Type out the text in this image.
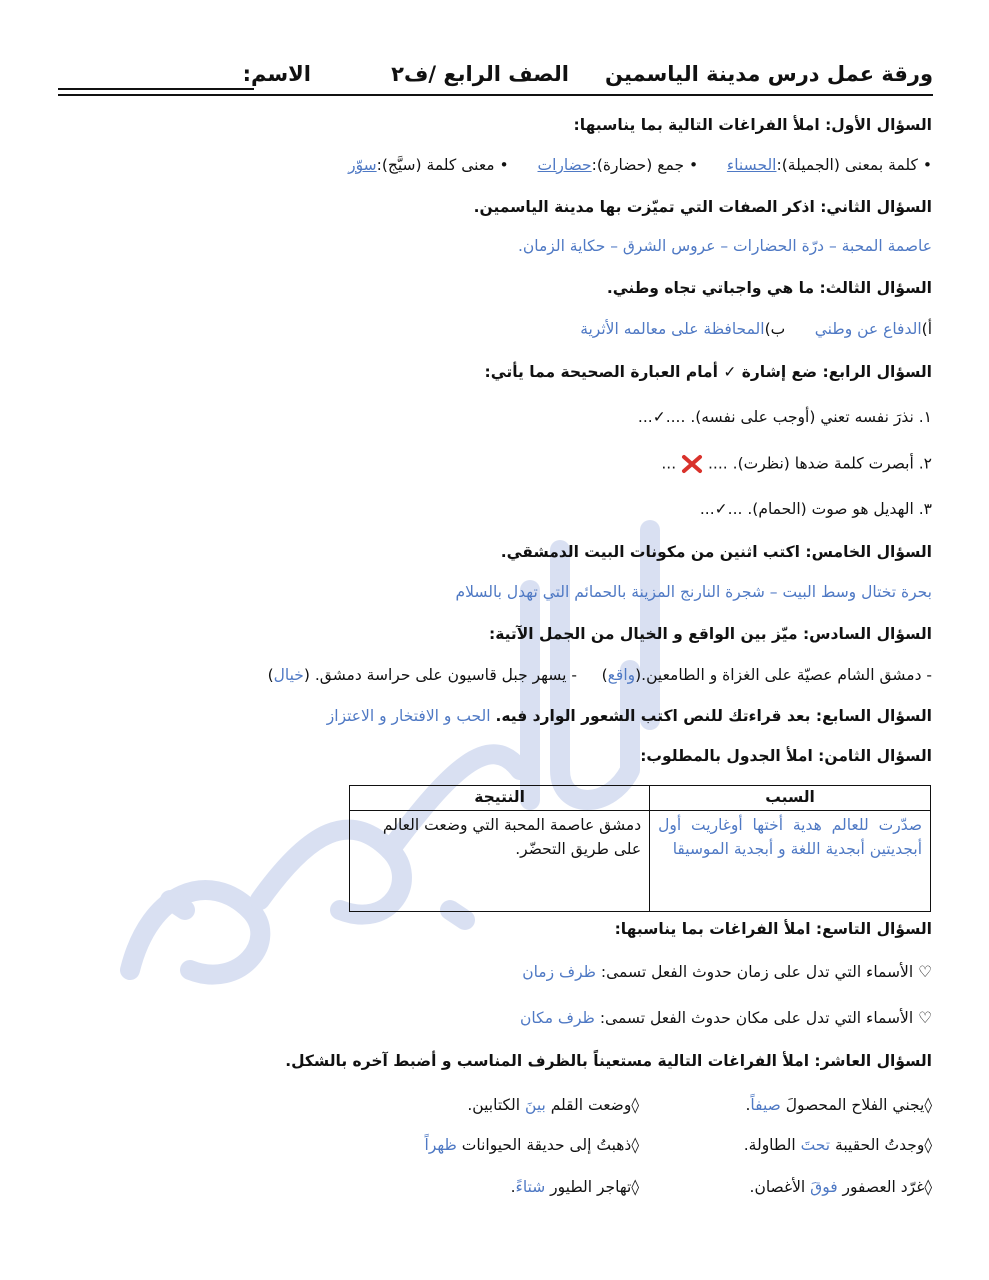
ورقة عمل درس مدينة الياسمين
الصف الرابع /ف٢
الاسم:
السؤال الأول: املأ الفراغات التالية بما يناسبها:
• كلمة بمعنى (الجميلة):الحسناء   • جمع (حضارة):حضارات   • معنى كلمة (سيَّج):سوّر
السؤال الثاني: اذكر الصفات التي تميّزت بها مدينة الياسمين.
عاصمة المحبة – درّة الحضارات – عروس الشرق – حكاية الزمان.
السؤال الثالث: ما هي واجباتي تجاه وطني.
أ)الدفاع عن وطني      ب)المحافظة على معالمه الأثرية
السؤال الرابع: ضع إشارة ✓ أمام العبارة الصحيحة مما يأتي:
١. نذرَ نفسه تعني (أوجب على نفسه). ....✓...
٢. أبصرت كلمة ضدها (نظرت). ....  ...
٣. الهديل هو صوت (الحمام). ...✓...
السؤال الخامس: اكتب اثنين من مكونات البيت الدمشقي.
بحرة تختال وسط البيت – شجرة النارنج المزينة بالحمائم التي تهدل بالسلام
السؤال السادس: ميّز بين الواقع و الخيال من الجمل الآتية:
- دمشق الشام عصيّة على الغزاة و الطامعين.(واقع)     - يسهر جبل قاسيون على حراسة دمشق. (خيال)
السؤال السابع: بعد قراءتك للنص اكتب الشعور الوارد فيه. الحب و الافتخار و الاعتزاز
السؤال الثامن: املأ الجدول بالمطلوب:
السبب	النتيجة
صدّرت للعالم هدية أختها أوغاريت أول أبجديتين أبجدية اللغة و أبجدية الموسيقا	دمشق عاصمة المحبة التي وضعت العالم على طريق التحضّر.
السؤال التاسع: املأ الفراغات بما يناسبها:
♡ الأسماء التي تدل على زمان حدوث الفعل تسمى: ظرف زمان
♡ الأسماء التي تدل على مكان حدوث الفعل تسمى: ظرف مكان
السؤال العاشر: املأ الفراغات التالية مستعيناً بالظرف المناسب و أضبط آخره بالشكل.
◊يجني الفلاح المحصولَ صيفاً.
◊وضعت القلم بينَ الكتابين.
◊وجدتُ الحقيبة تحتَ الطاولة.
◊ذهبتُ إلى حديقة الحيوانات ظهراً
◊غرّد العصفور فوقَ الأغصان.
◊تهاجر الطيور شتاءً.
